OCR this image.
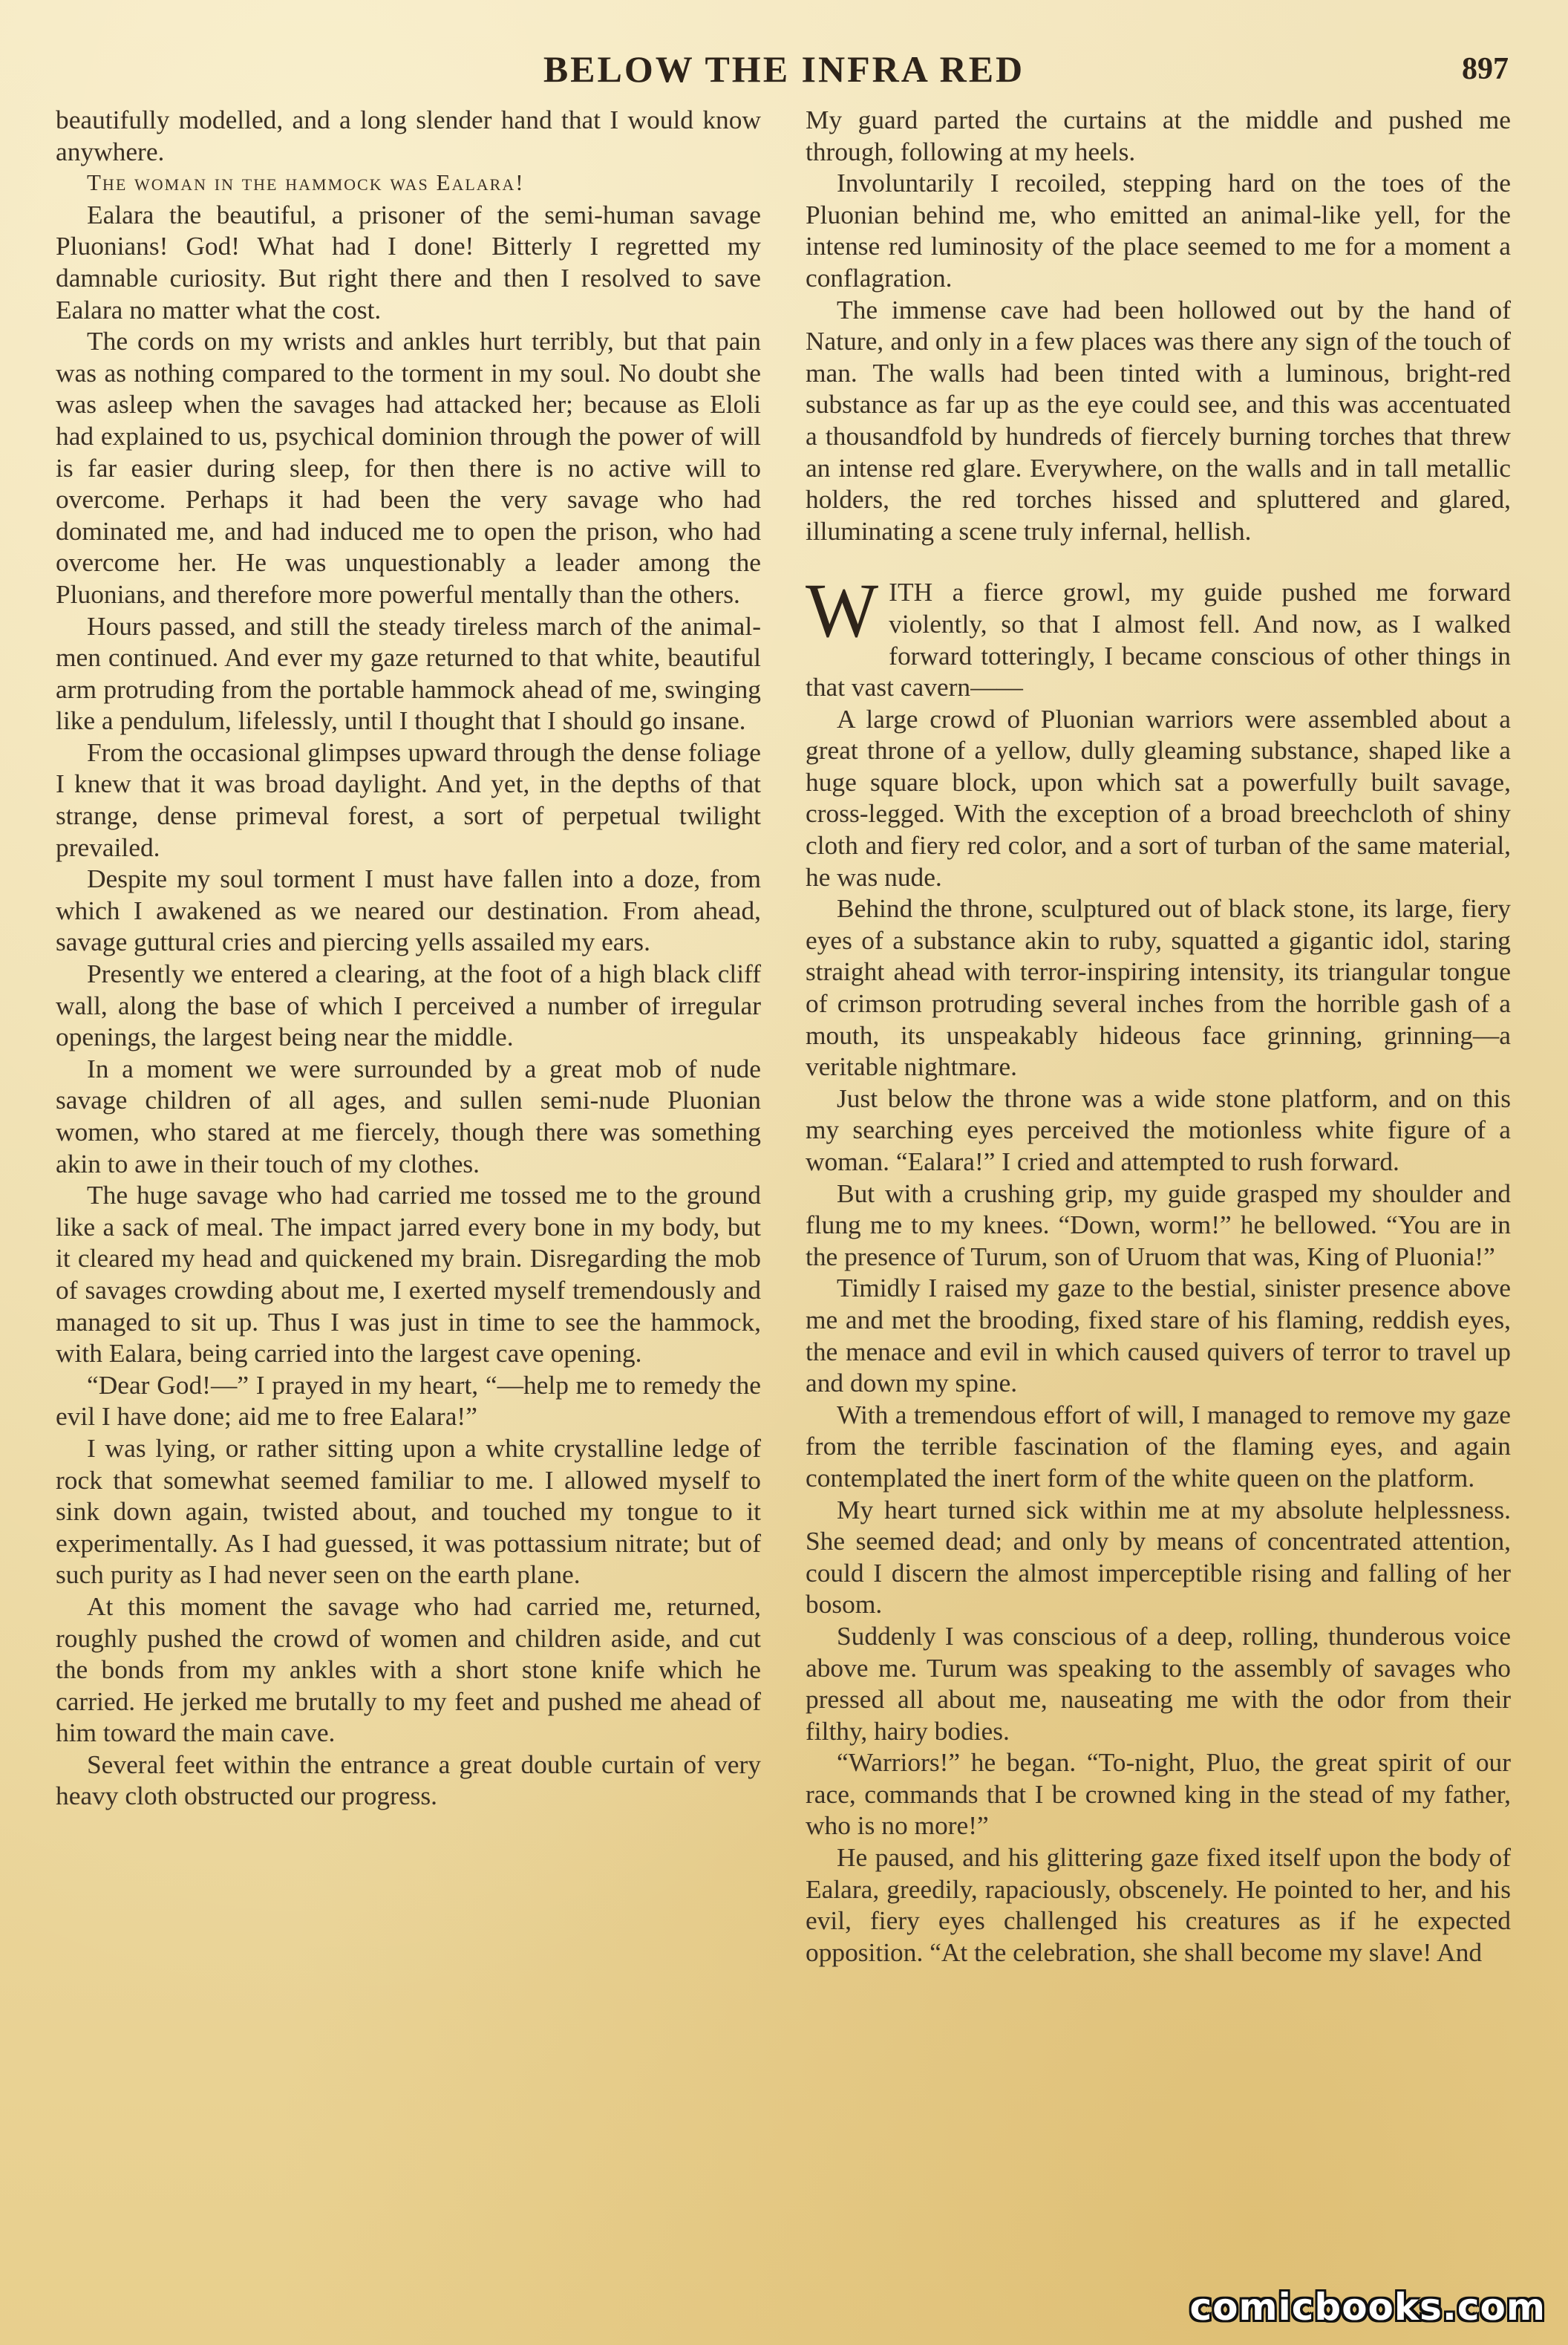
BELOW THE INFRA RED	897

beautifully modelled, and a long slender hand that I would know anywhere.

The woman in the hammock was Ealara!

Ealara the beautiful, a prisoner of the semi-human savage Pluonians! God! What had I done! Bitterly I regretted my damnable curiosity. But right there and then I resolved to save Ealara no matter what the cost.

The cords on my wrists and ankles hurt terribly, but that pain was as nothing compared to the torment in my soul. No doubt she was asleep when the savages had attacked her; because as Eloli had explained to us, psychical dominion through the power of will is far easier during sleep, for then there is no active will to overcome. Perhaps it had been the very savage who had dominated me, and had induced me to open the prison, who had overcome her. He was unquestionably a leader among the Pluonians, and therefore more powerful mentally than the others.

Hours passed, and still the steady tireless march of the animal-men continued. And ever my gaze returned to that white, beautiful arm protruding from the portable hammock ahead of me, swinging like a pendulum, lifelessly, until I thought that I should go insane.

From the occasional glimpses upward through the dense foliage I knew that it was broad daylight. And yet, in the depths of that strange, dense primeval forest, a sort of perpetual twilight prevailed.

Despite my soul torment I must have fallen into a doze, from which I awakened as we neared our destination. From ahead, savage guttural cries and piercing yells assailed my ears.

Presently we entered a clearing, at the foot of a high black cliff wall, along the base of which I perceived a number of irregular openings, the largest being near the middle.

In a moment we were surrounded by a great mob of nude savage children of all ages, and sullen semi-nude Pluonian women, who stared at me fiercely, though there was something akin to awe in their touch of my clothes.

The huge savage who had carried me tossed me to the ground like a sack of meal. The impact jarred every bone in my body, but it cleared my head and quickened my brain. Disregarding the mob of savages crowding about me, I exerted myself tremendously and managed to sit up. Thus I was just in time to see the hammock, with Ealara, being carried into the largest cave opening.

“Dear God!—” I prayed in my heart, “—help me to remedy the evil I have done; aid me to free Ealara!”

I was lying, or rather sitting upon a white crystalline ledge of rock that somewhat seemed familiar to me. I allowed myself to sink down again, twisted about, and touched my tongue to it experimentally. As I had guessed, it was pottassium nitrate; but of such purity as I had never seen on the earth plane.

At this moment the savage who had carried me, returned, roughly pushed the crowd of women and children aside, and cut the bonds from my ankles with a short stone knife which he carried. He jerked me brutally to my feet and pushed me ahead of him toward the main cave.

Several feet within the entrance a great double curtain of very heavy cloth obstructed our progress.

My guard parted the curtains at the middle and pushed me through, following at my heels.

Involuntarily I recoiled, stepping hard on the toes of the Pluonian behind me, who emitted an animal-like yell, for the intense red luminosity of the place seemed to me for a moment a conflagration.

The immense cave had been hollowed out by the hand of Nature, and only in a few places was there any sign of the touch of man. The walls had been tinted with a luminous, bright-red substance as far up as the eye could see, and this was accentuated a thousandfold by hundreds of fiercely burning torches that threw an intense red glare. Everywhere, on the walls and in tall metallic holders, the red torches hissed and spluttered and glared, illuminating a scene truly infernal, hellish.

WITH a fierce growl, my guide pushed me forward violently, so that I almost fell. And now, as I walked forward totteringly, I became conscious of other things in that vast cavern——

A large crowd of Pluonian warriors were assembled about a great throne of a yellow, dully gleaming substance, shaped like a huge square block, upon which sat a powerfully built savage, cross-legged. With the exception of a broad breechcloth of shiny cloth and fiery red color, and a sort of turban of the same material, he was nude.

Behind the throne, sculptured out of black stone, its large, fiery eyes of a substance akin to ruby, squatted a gigantic idol, staring straight ahead with terror-inspiring intensity, its triangular tongue of crimson protruding several inches from the horrible gash of a mouth, its unspeakably hideous face grinning, grinning—a veritable nightmare.

Just below the throne was a wide stone platform, and on this my searching eyes perceived the motionless white figure of a woman. “Ealara!” I cried and attempted to rush forward.

But with a crushing grip, my guide grasped my shoulder and flung me to my knees. “Down, worm!” he bellowed. “You are in the presence of Turum, son of Uruom that was, King of Pluonia!”

Timidly I raised my gaze to the bestial, sinister presence above me and met the brooding, fixed stare of his flaming, reddish eyes, the menace and evil in which caused quivers of terror to travel up and down my spine.

With a tremendous effort of will, I managed to remove my gaze from the terrible fascination of the flaming eyes, and again contemplated the inert form of the white queen on the platform.

My heart turned sick within me at my absolute helplessness. She seemed dead; and only by means of concentrated attention, could I discern the almost imperceptible rising and falling of her bosom.

Suddenly I was conscious of a deep, rolling, thunderous voice above me. Turum was speaking to the assembly of savages who pressed all about me, nauseating me with the odor from their filthy, hairy bodies.

“Warriors!” he began. “To-night, Pluo, the great spirit of our race, commands that I be crowned king in the stead of my father, who is no more!”

He paused, and his glittering gaze fixed itself upon the body of Ealara, greedily, rapaciously, obscenely. He pointed to her, and his evil, fiery eyes challenged his creatures as if he expected opposition. “At the celebration, she shall become my slave! And

comicbooks.com
